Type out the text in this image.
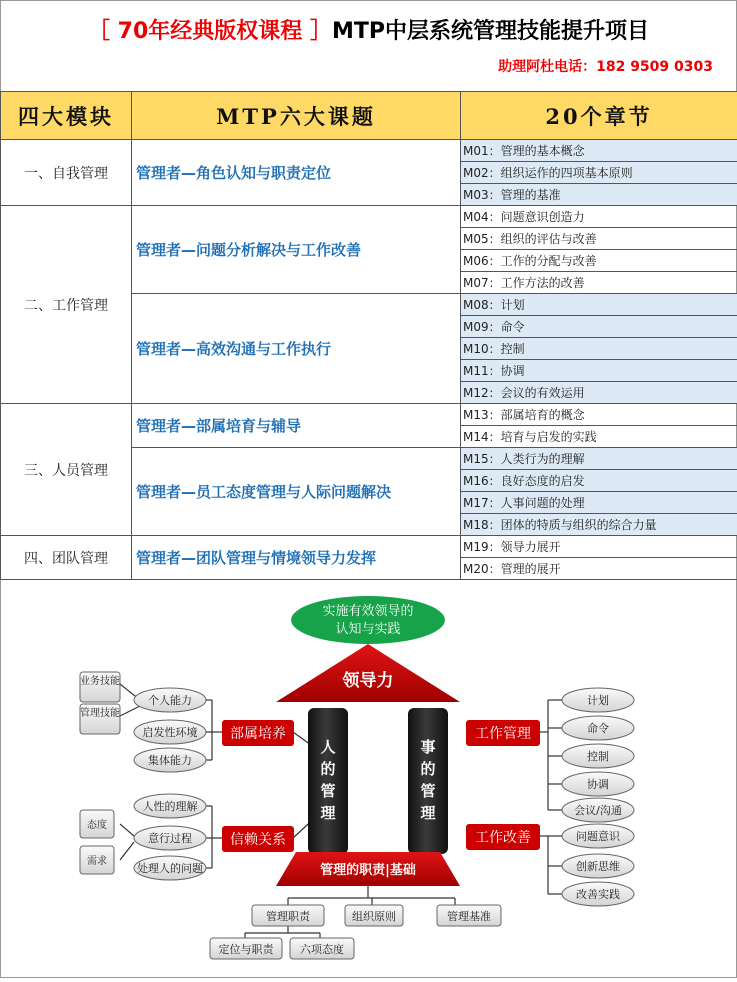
［ 70年经典版权课程 ］MTP中层系统管理技能提升项目
助理阿杜电话：182 9509 0303
四大模块	MTP六大课题	20个章节
一、自我管理	管理者—角色认知与职责定位	M01：管理的基本概念
		M02：组织运作的四项基本原则
		M03：管理的基准
二、工作管理	管理者—问题分析解决与工作改善	M04：问题意识创造力
		M05：组织的评估与改善
		M06：工作的分配与改善
		M07：工作方法的改善
	管理者—高效沟通与工作执行	M08：计划
		M09：命令
		M10：控制
		M11：协调
		M12：会议的有效运用
三、人员管理	管理者—部属培育与辅导	M13：部属培育的概念
		M14：培育与启发的实践
	管理者—员工态度管理与人际问题解决	M15：人类行为的理解
		M16：良好态度的启发
		M17：人事问题的处理
		M18：团体的特质与组织的综合力量
四、团队管理	管理者—团队管理与情境领导力发挥	M19：领导力展开
		M20：管理的展开
实施有效领导的
认知与实践
领导力
人
的
管
理
事
的
管
理
管理的职责|基础
部属培养
信赖关系
工作管理
工作改善
业务技能
管理技能
个人能力
启发性环境
集体能力
人性的理解
意行过程
处理人的问题
态度
需求
计划
命令
控制
协调
会议/沟通
问题意识
创新思维
改善实践
管理职责	组织原则	管理基准
定位与职责 六项态度
